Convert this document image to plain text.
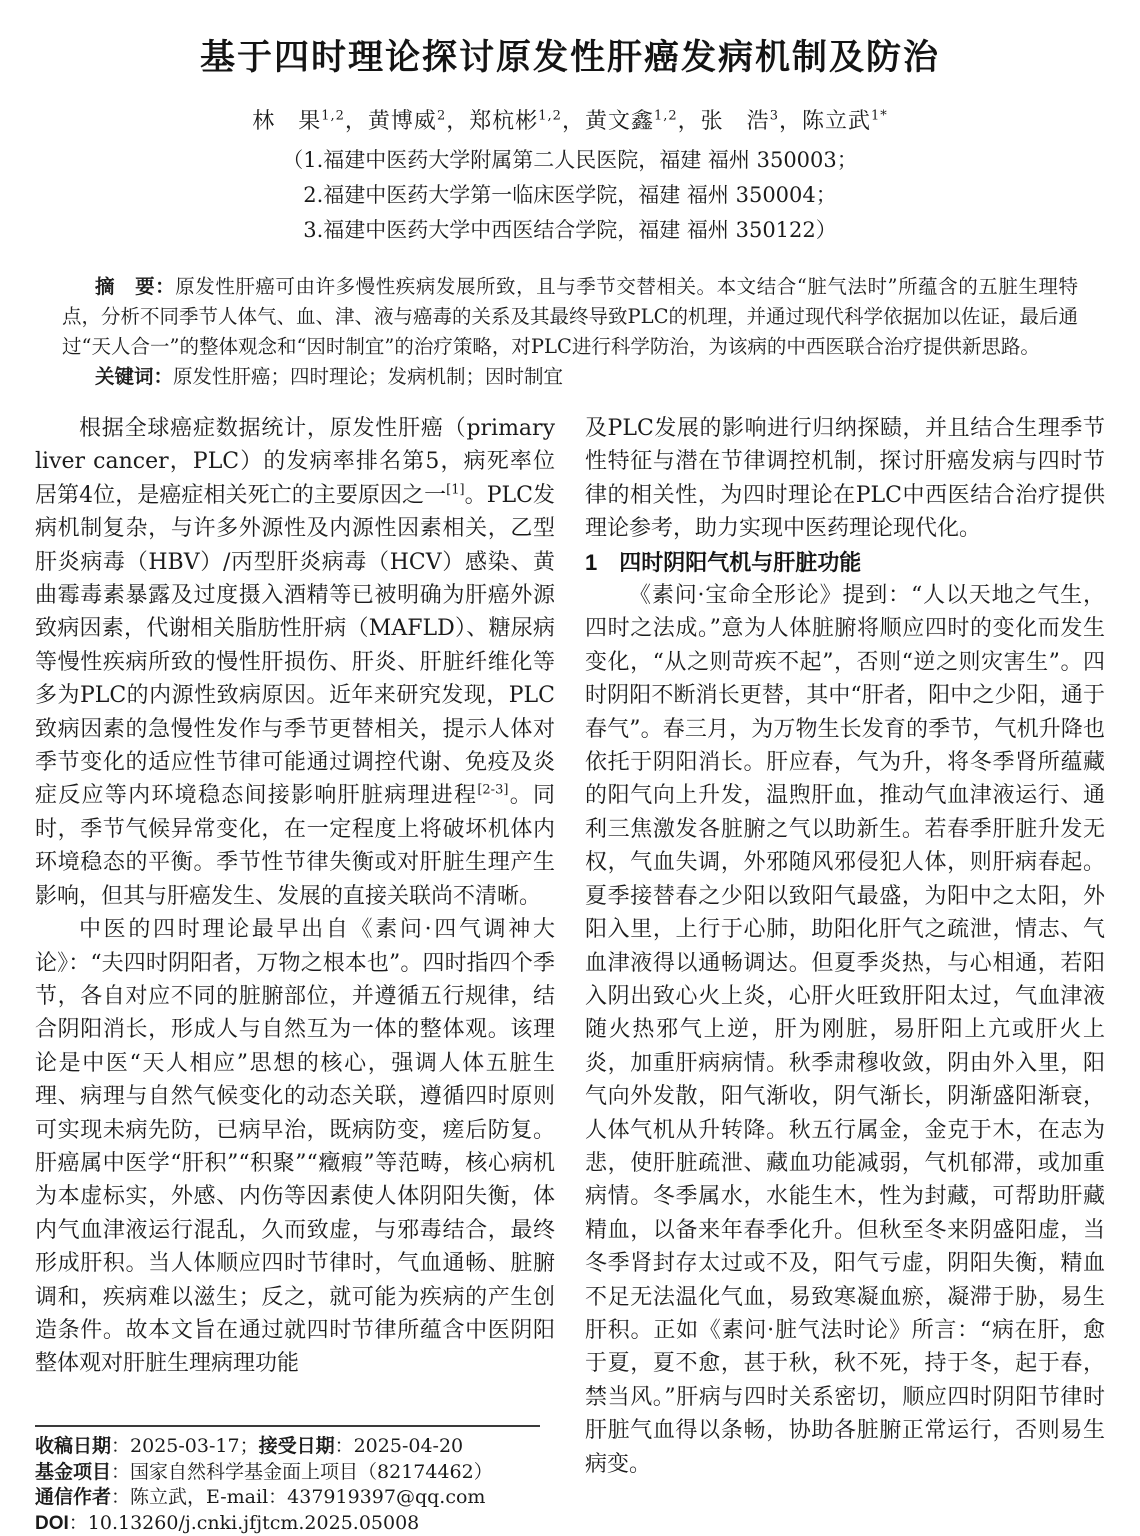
基于四时理论探讨原发性肝癌发病机制及防治
林　果$^{1,2}$，黄博威$^2$，郑杭彬$^{1,2}$，黄文鑫$^{1,2}$，张　浩$^3$，陈立武$^{1*}$
（1.福建中医药大学附属第二人民医院，福建 福州 350003；
2.福建中医药大学第一临床医学院，福建 福州 350004；
3.福建中医药大学中西医结合学院，福建 福州 350122）

摘　要：原发性肝癌可由许多慢性疾病发展所致，且与季节交替相关。本文结合“脏气法时”所蕴含的五脏生理特点，分析不同季节人体气、血、津、液与癌毒的关系及其最终导致PLC的机理，并通过现代科学依据加以佐证，最后通过“天人合一”的整体观念和“因时制宜”的治疗策略，对PLC进行科学防治，为该病的中西医联合治疗提供新思路。

关键词：原发性肝癌；四时理论；发病机制；因时制宜

根据全球癌症数据统计，原发性肝癌（primary liver cancer，PLC）的发病率排名第5，病死率位居第4位，是癌症相关死亡的主要原因之一[1]。PLC发病机制复杂，与许多外源性及内源性因素相关，乙型肝炎病毒（HBV）/丙型肝炎病毒（HCV）感染、黄曲霉毒素暴露及过度摄入酒精等已被明确为肝癌外源致病因素，代谢相关脂肪性肝病（MAFLD）、糖尿病等慢性疾病所致的慢性肝损伤、肝炎、肝脏纤维化等多为PLC的内源性致病原因。近年来研究发现，PLC致病因素的急慢性发作与季节更替相关，提示人体对季节变化的适应性节律可能通过调控代谢、免疫及炎症反应等内环境稳态间接影响肝脏病理进程[2-3]。同时，季节气候异常变化，在一定程度上将破坏机体内环境稳态的平衡。季节性节律失衡或对肝脏生理产生影响，但其与肝癌发生、发展的直接关联尚不清晰。

中医的四时理论最早出自《素问·四气调神大论》：“夫四时阴阳者，万物之根本也”。四时指四个季节，各自对应不同的脏腑部位，并遵循五行规律，结合阴阳消长，形成人与自然互为一体的整体观。该理论是中医“天人相应”思想的核心，强调人体五脏生理、病理与自然气候变化的动态关联，遵循四时原则可实现未病先防，已病早治，既病防变，瘥后防复。肝癌属中医学“肝积”“积聚”“癥瘕”等范畴，核心病机为本虚标实，外感、内伤等因素使人体阴阳失衡，体内气血津液运行混乱，久而致虚，与邪毒结合，最终形成肝积。当人体顺应四时节律时，气血通畅、脏腑调和，疾病难以滋生；反之，就可能为疾病的产生创造条件。故本文旨在通过就四时节律所蕴含中医阴阳整体观对肝脏生理病理功能

收稿日期：2025-03-17；接受日期：2025-04-20
基金项目：国家自然科学基金面上项目（82174462）
通信作者：陈立武，E-mail：437919397@qq.com
DOI：10.13260/j.cnki.jfjtcm.2025.05008

及PLC发展的影响进行归纳探赜，并且结合生理季节性特征与潜在节律调控机制，探讨肝癌发病与四时节律的相关性，为四时理论在PLC中西医结合治疗提供理论参考，助力实现中医药理论现代化。

1　四时阴阳气机与肝脏功能

《素问·宝命全形论》提到：“人以天地之气生，四时之法成。”意为人体脏腑将顺应四时的变化而发生变化，“从之则苛疾不起”，否则“逆之则灾害生”。四时阴阳不断消长更替，其中“肝者，阳中之少阳，通于春气”。春三月，为万物生长发育的季节，气机升降也依托于阴阳消长。肝应春，气为升，将冬季肾所蕴藏的阳气向上升发，温煦肝血，推动气血津液运行、通利三焦激发各脏腑之气以助新生。若春季肝脏升发无权，气血失调，外邪随风邪侵犯人体，则肝病春起。夏季接替春之少阳以致阳气最盛，为阳中之太阳，外阳入里，上行于心肺，助阳化肝气之疏泄，情志、气血津液得以通畅调达。但夏季炎热，与心相通，若阳入阴出致心火上炎，心肝火旺致肝阳太过，气血津液随火热邪气上逆，肝为刚脏，易肝阳上亢或肝火上炎，加重肝病病情。秋季肃穆收敛，阴由外入里，阳气向外发散，阳气渐收，阴气渐长，阴渐盛阳渐衰，人体气机从升转降。秋五行属金，金克于木，在志为悲，使肝脏疏泄、藏血功能减弱，气机郁滞，或加重病情。冬季属水，水能生木，性为封藏，可帮助肝藏精血，以备来年春季化升。但秋至冬来阴盛阳虚，当冬季肾封存太过或不及，阳气亏虚，阴阳失衡，精血不足无法温化气血，易致寒凝血瘀，凝滞于胁，易生肝积。正如《素问·脏气法时论》所言：“病在肝，愈于夏，夏不愈，甚于秋，秋不死，持于冬，起于春，禁当风。”肝病与四时关系密切，顺应四时阴阳节律时肝脏气血得以条畅，协助各脏腑正常运行，否则易生病变。
